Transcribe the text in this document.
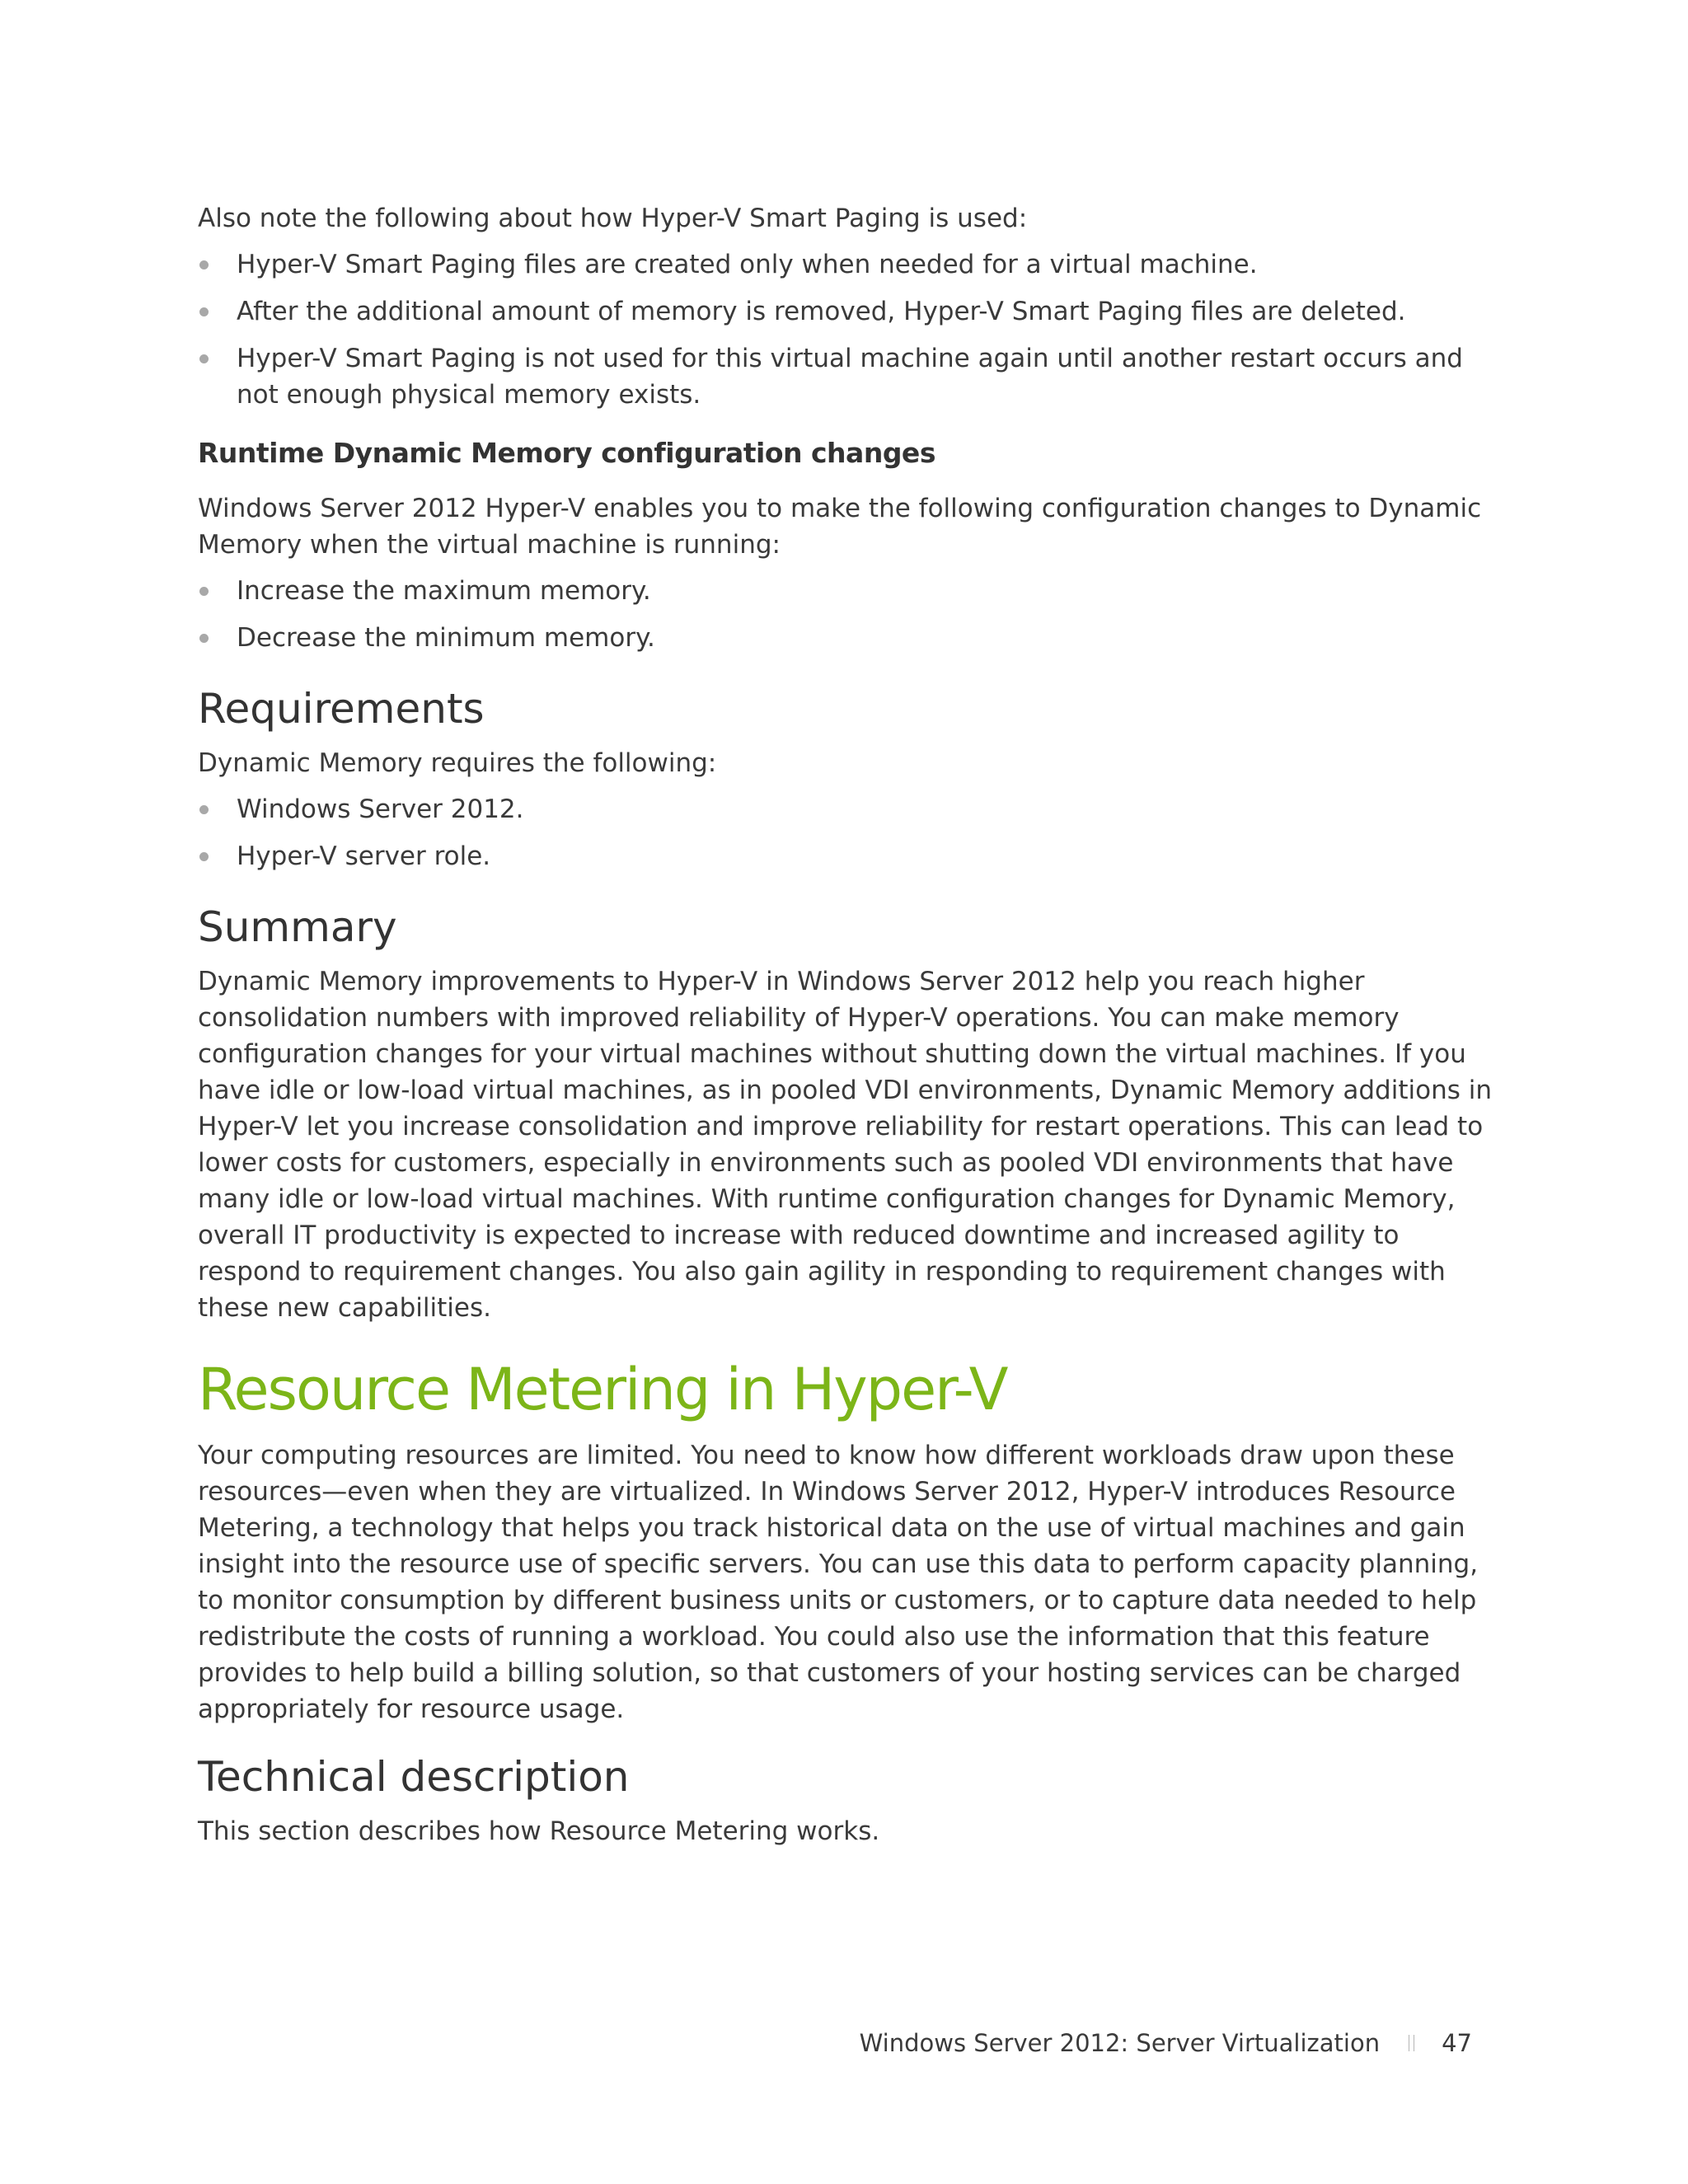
Also note the following about how Hyper-V Smart Paging is used:

Hyper-V Smart Paging files are created only when needed for a virtual machine.
After the additional amount of memory is removed, Hyper-V Smart Paging files are deleted.
Hyper-V Smart Paging is not used for this virtual machine again until another restart occurs and not enough physical memory exists.
Runtime Dynamic Memory configuration changes

Windows Server 2012 Hyper-V enables you to make the following configuration changes to Dynamic Memory when the virtual machine is running:

Increase the maximum memory.
Decrease the minimum memory.
Requirements

Dynamic Memory requires the following:

Windows Server 2012.
Hyper-V server role.
Summary

Dynamic Memory improvements to Hyper-V in Windows Server 2012 help you reach higher consolidation numbers with improved reliability of Hyper-V operations. You can make memory configuration changes for your virtual machines without shutting down the virtual machines. If you have idle or low-load virtual machines, as in pooled VDI environments, Dynamic Memory additions in Hyper-V let you increase consolidation and improve reliability for restart operations. This can lead to lower costs for customers, especially in environments such as pooled VDI environments that have many idle or low-load virtual machines. With runtime configuration changes for Dynamic Memory, overall IT productivity is expected to increase with reduced downtime and increased agility to respond to requirement changes. You also gain agility in responding to requirement changes with these new capabilities.

Resource Metering in Hyper-V

Your computing resources are limited. You need to know how different workloads draw upon these resources—even when they are virtualized. In Windows Server 2012, Hyper-V introduces Resource Metering, a technology that helps you track historical data on the use of virtual machines and gain insight into the resource use of specific servers. You can use this data to perform capacity planning, to monitor consumption by different business units or customers, or to capture data needed to help redistribute the costs of running a workload. You could also use the information that this feature provides to help build a billing solution, so that customers of your hosting services can be charged appropriately for resource usage.

Technical description

This section describes how Resource Metering works.

Windows Server 2012: Server Virtualization	47
